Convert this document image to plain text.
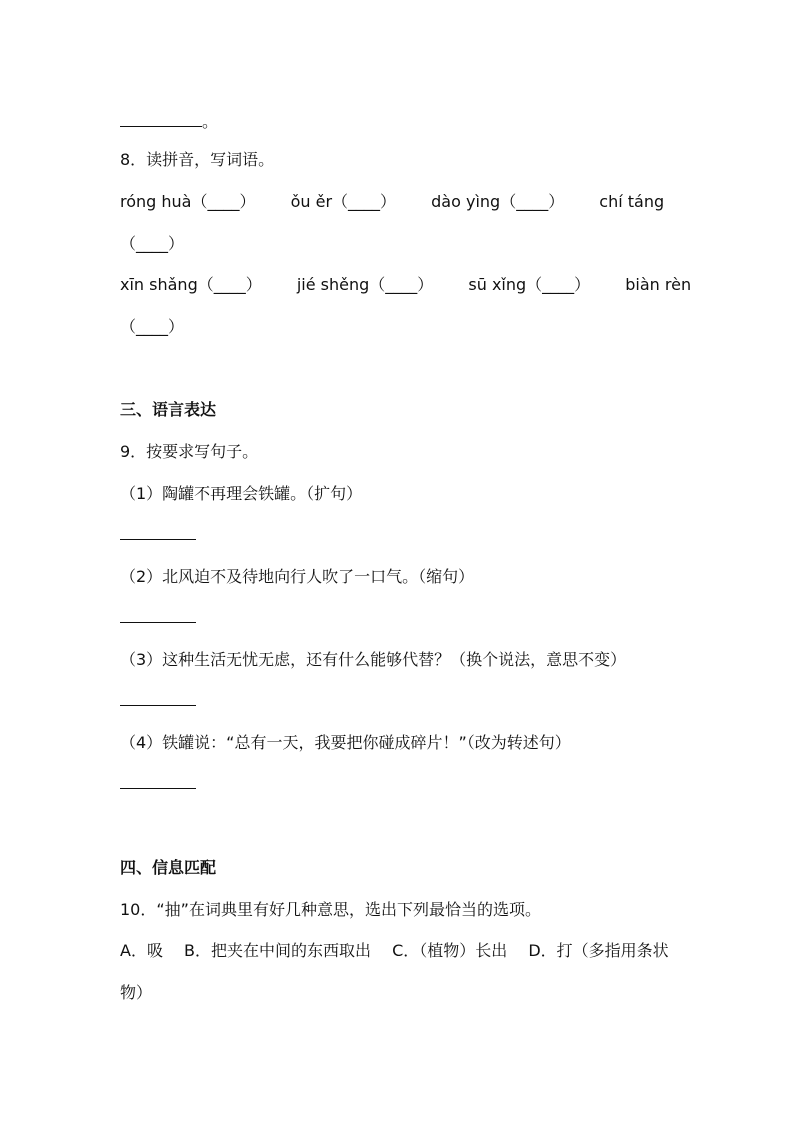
。
8．读拼音，写词语。
róng huà（____） ǒu ěr（____） dào yìng（____） chí táng
（____）
xīn shǎng（____） jié shěng（____） sū xǐng（____） biàn rèn
（____）
三、语言表达
9．按要求写句子。
（1）陶罐不再理会铁罐。（扩句）
（2）北风迫不及待地向行人吹了一口气。（缩句）
（3）这种生活无忧无虑，还有什么能够代替？（换个说法，意思不变）
（4）铁罐说：“总有一天，我要把你碰成碎片！”（改为转述句）
四、信息匹配
10．“抽”在词典里有好几种意思，选出下列最恰当的选项。
A．吸　 B．把夹在中间的东西取出　 C．（植物）长出　 D．打（多指用条状
物）
